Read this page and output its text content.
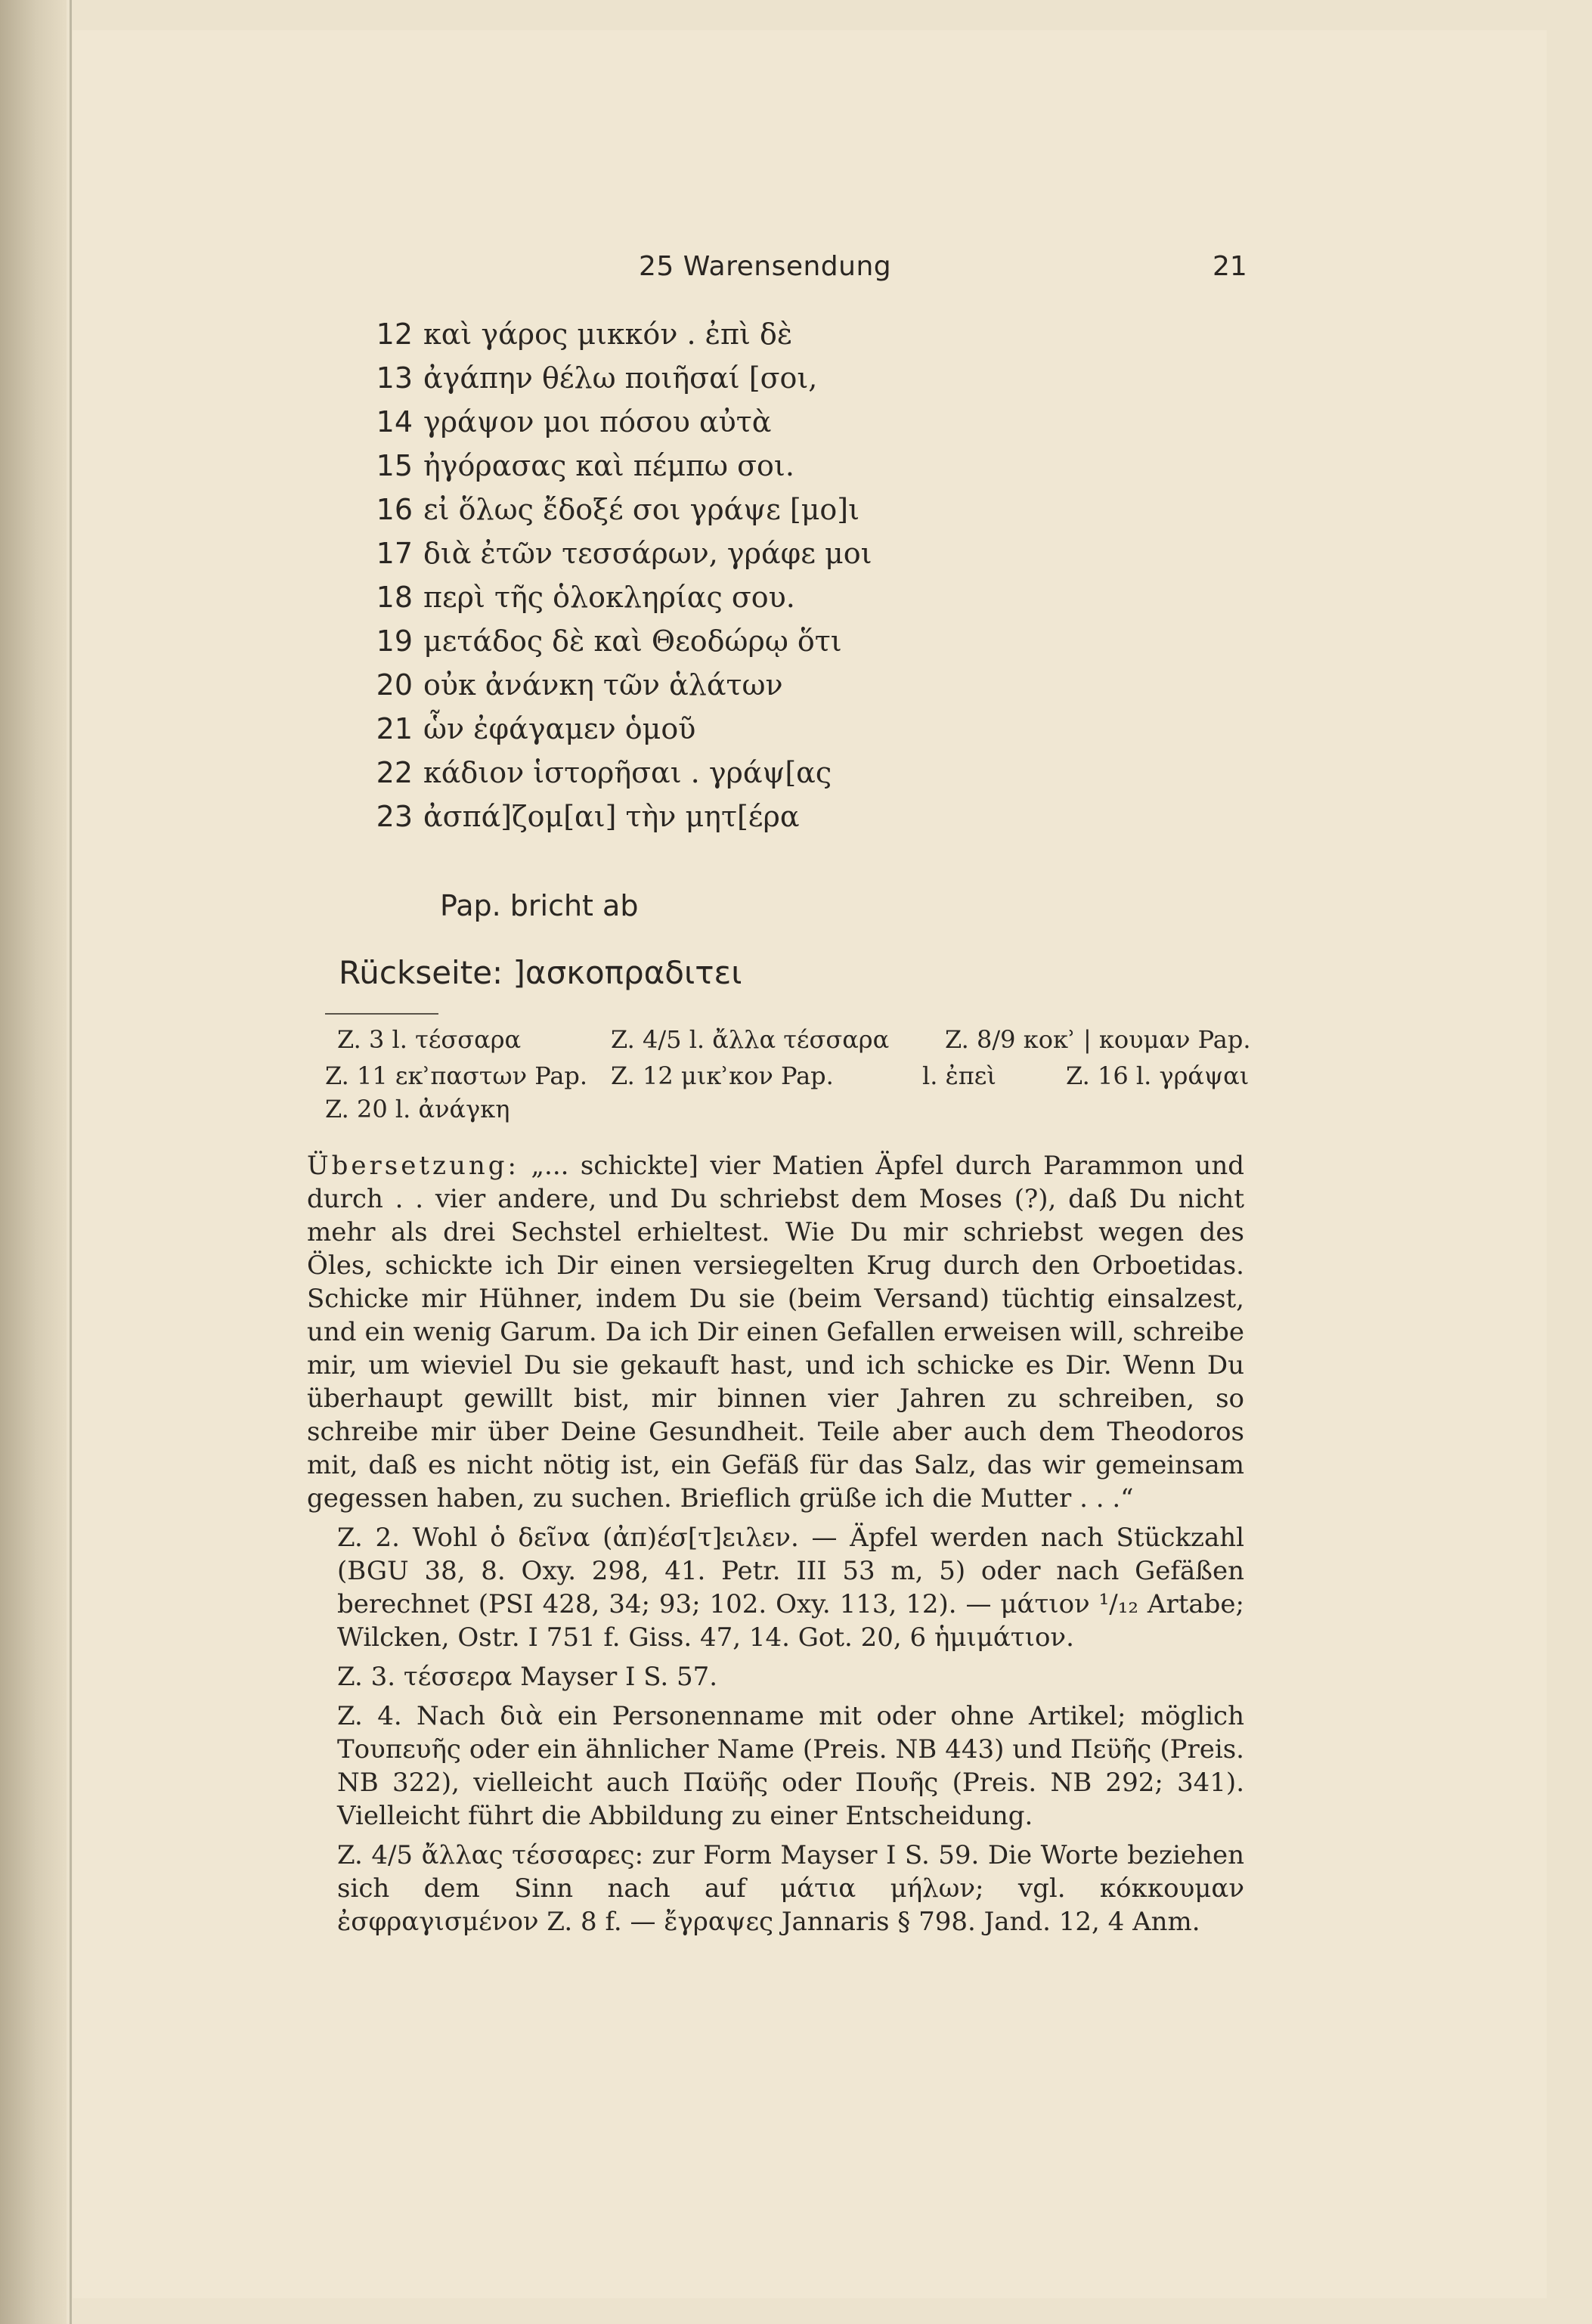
25 Warensendung	21
12 καὶ γάρος μικκόν . ἐπὶ δὲ
13 ἀγάπην θέλω ποιῆσαί [σοι,
14 γράψον μοι πόσου αὐτὰ
15 ἠγόρασας καὶ πέμπω σοι.
16 εἰ ὅλως ἔδοξέ σοι γράψε [μο]ι
17 διὰ ἐτῶν τεσσάρων, γράφε μοι
18 περὶ τῆς ὁλοκληρίας σου.
19 μετάδος δὲ καὶ Θεοδώρῳ ὅτι
20 οὐκ ἀνάνκη τῶν ἁλάτων
21 ὧν ἐφάγαμεν ὁμοῦ
22 κάδιον ἱστορῆσαι . γράψ[ας
23 ἀσπά]ζομ[αι] τὴν μητ[έρα
Pap. bricht ab
Rückseite: ]ασκοπραδιτει
Z. 3 l. τέσσαρα	Z. 4/5 l. ἄλλα τέσσαρα Z. 8/9 κοκʾ | κουμαν Pap.
Z. 11 εκʾπαστων Pap. Z. 12 μικʾκον Pap.	l. ἐπεὶ	Z. 16 l. γράψαι
Z. 20 l. ἀνάγκη

Übersetzung: „... schickte] vier Matien Äpfel durch Parammon und durch . . vier andere, und Du schriebst dem Moses (?), daß Du nicht mehr als drei Sechstel erhieltest. Wie Du mir schriebst wegen des Öles, schickte ich Dir einen versiegelten Krug durch den Orboetidas. Schicke mir Hühner, indem Du sie (beim Versand) tüchtig einsalzest, und ein wenig Garum. Da ich Dir einen Gefallen erweisen will, schreibe mir, um wieviel Du sie gekauft hast, und ich schicke es Dir. Wenn Du überhaupt gewillt bist, mir binnen vier Jahren zu schreiben, so schreibe mir über Deine Gesundheit. Teile aber auch dem Theodoros mit, daß es nicht nötig ist, ein Gefäß für das Salz, das wir gemeinsam gegessen haben, zu suchen. Brieflich grüße ich die Mutter . . .“

Z. 2. Wohl ὁ δεῖνα (ἀπ)έσ[τ]ειλεν. — Äpfel werden nach Stückzahl (BGU 38, 8. Oxy. 298, 41. Petr. III 53 m, 5) oder nach Gefäßen berechnet (PSI 428, 34; 93; 102. Oxy. 113, 12). — μάτιον ¹/₁₂ Artabe; Wilcken, Ostr. I 751 f. Giss. 47, 14. Got. 20, 6 ἡμιμάτιον.

Z. 3. τέσσερα Mayser I S. 57.

Z. 4. Nach διὰ ein Personenname mit oder ohne Artikel; möglich Τουπευῆς oder ein ähnlicher Name (Preis. NB 443) und Πεϋῆς (Preis. NB 322), vielleicht auch Παϋῆς oder Πουῆς (Preis. NB 292; 341). Vielleicht führt die Abbildung zu einer Entscheidung.

Z. 4/5 ἄλλας τέσσαρες: zur Form Mayser I S. 59. Die Worte beziehen sich dem Sinn nach auf μάτια μήλων; vgl. κόκκουμαν ἐσφραγισμένον Z. 8 f. — ἔγραψες Jannaris § 798. Jand. 12, 4 Anm.
